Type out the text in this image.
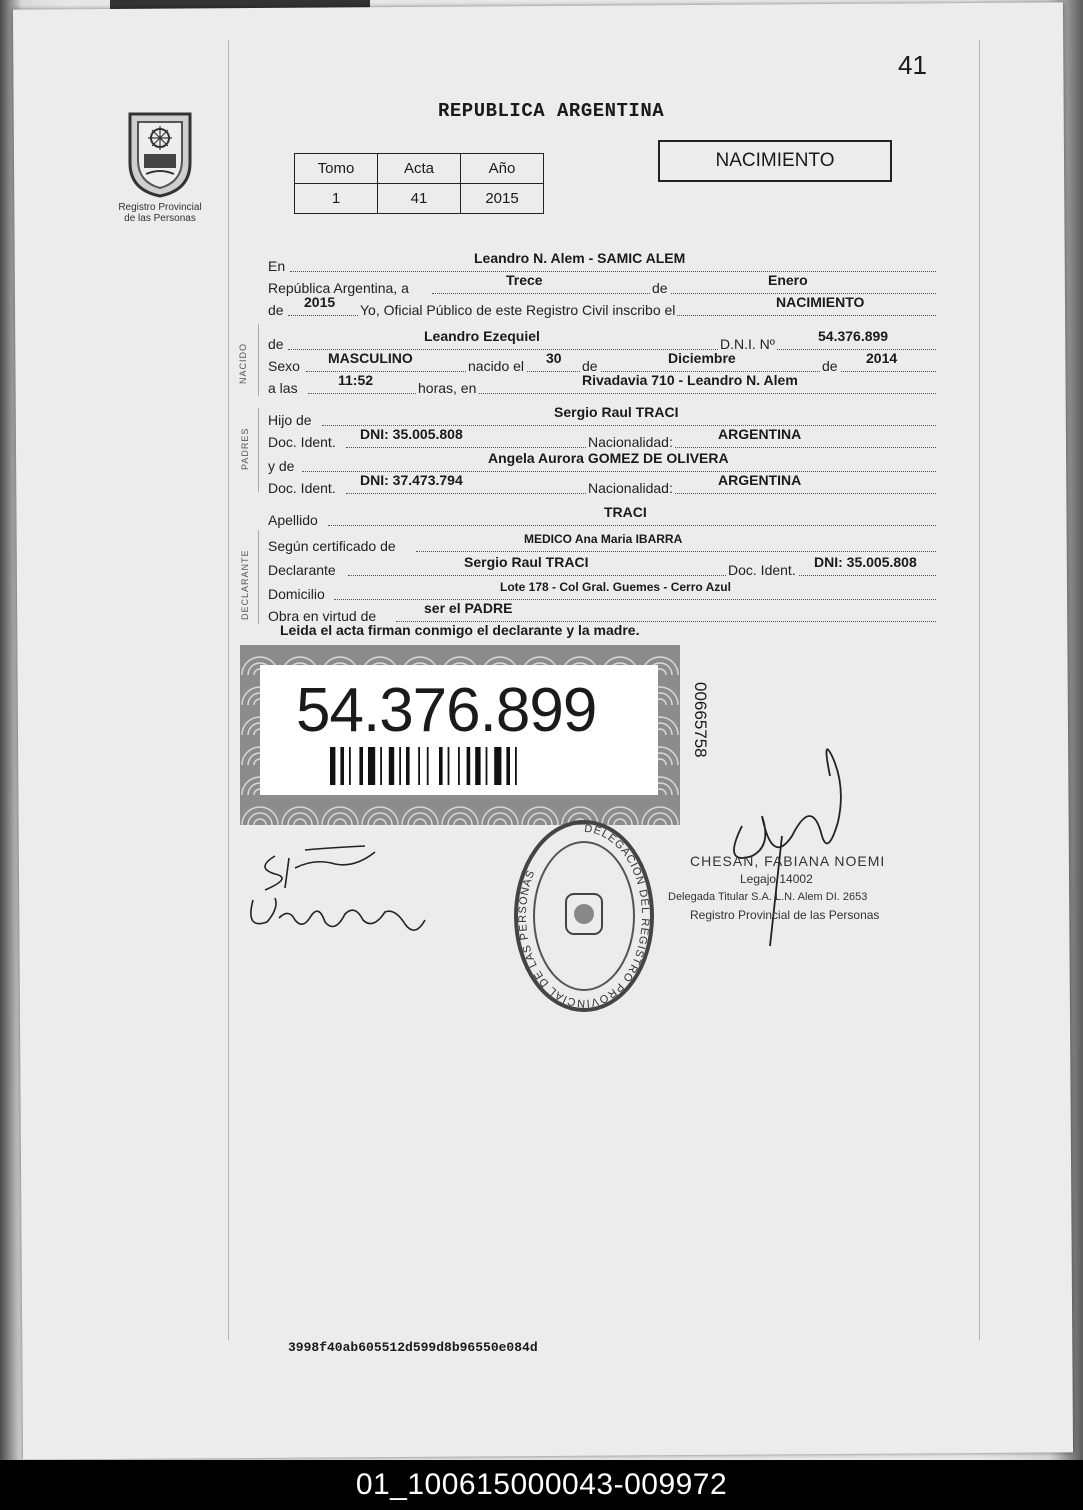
41
REPUBLICA ARGENTINA
Registro Provincial
de las Personas
Tomo	Acta	Año
1	41	2015
NACIMIENTO
En	Leandro N. Alem - SAMIC ALEM
República Argentina, a	Trece	de	Enero
de 2015 Yo, Oficial Público de este Registro Civil inscribo el	NACIMIENTO
NACIDO de	Leandro Ezequiel	D.N.I. Nº	54.376.899
Sexo MASCULINO	nacido el 30 de	Diciembre	de 2014
a las	11:52	horas, en	Rivadavia 710 - Leandro N. Alem
PADRES
Hijo de	Sergio Raul TRACI
Doc. Ident. DNI: 35.005.808	Nacionalidad:	ARGENTINA
y de	Angela Aurora GOMEZ DE OLIVERA
Doc. Ident. DNI: 37.473.794	Nacionalidad:	ARGENTINA
Apellido	TRACI
DECLARANTE
Según certificado de	MEDICO Ana Maria IBARRA
Declarante	Sergio Raul TRACI	Doc. Ident. DNI: 35.005.808
Domicilio	Lote 178 - Col Gral. Guemes - Cerro Azul
Obra en virtud de	ser el PADRE
Leida el acta firman conmigo el declarante y la madre.
54.376.899	00665758
DELEGACION DEL REGISTRO PROVINCIAL DE LAS PERSONAS
CHESAN, FABIANA NOEMI
Legajo 14002
Delegada Titular S.A. L.N. Alem DI. 2653
Registro Provincial de las Personas
3998f40ab605512d599d8b96550e084d
01_100615000043-009972
